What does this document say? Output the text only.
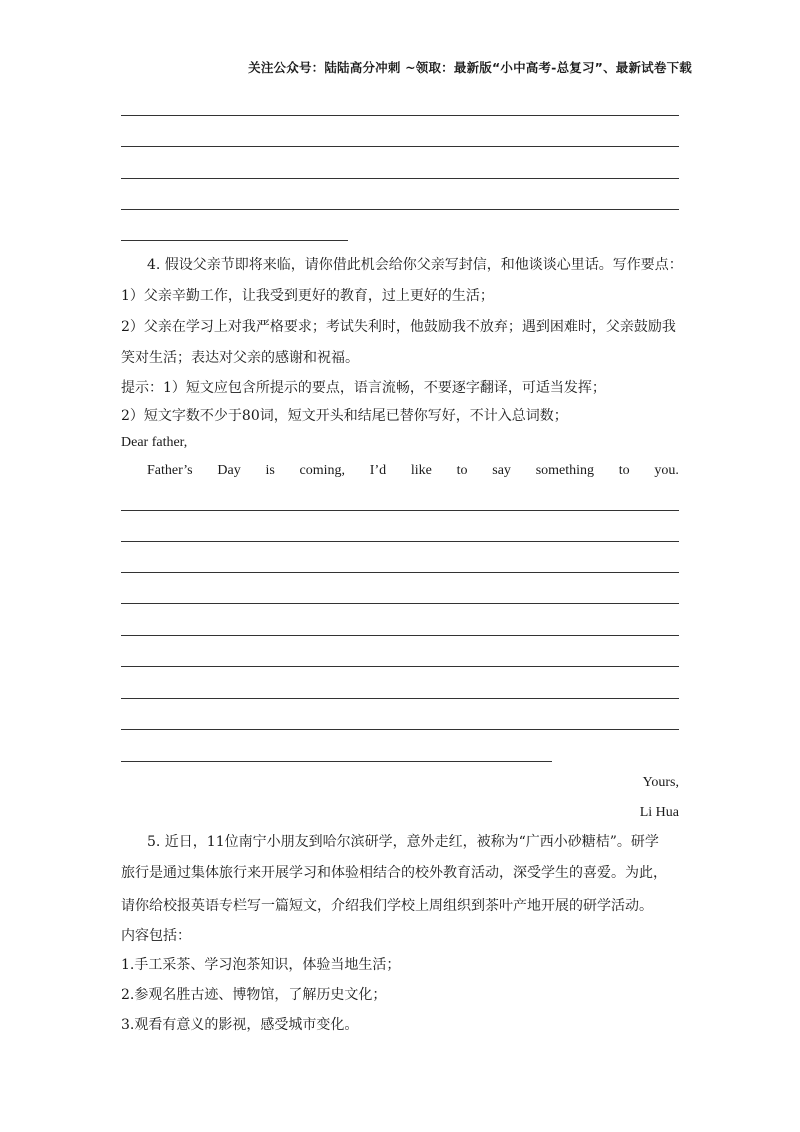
关注公众号：陆陆高分冲刺 ~领取：最新版“小中高考-总复习”、最新试卷下载
4. 假设父亲节即将来临，请你借此机会给你父亲写封信，和他谈谈心里话。写作要点：
1）父亲辛勤工作，让我受到更好的教育，过上更好的生活；
2）父亲在学习上对我严格要求；考试失利时，他鼓励我不放弃；遇到困难时，父亲鼓励我
笑对生活；表达对父亲的感谢和祝福。
提示：1）短文应包含所提示的要点，语言流畅，不要逐字翻译，可适当发挥；
2）短文字数不少于80词，短文开头和结尾已替你写好，不计入总词数；
Dear father,
Father’s Day is coming, I’d like to say something to you.
Yours,
Li Hua
5. 近日，11位南宁小朋友到哈尔滨研学，意外走红，被称为“广西小砂糖桔”。研学
旅行是通过集体旅行来开展学习和体验相结合的校外教育活动，深受学生的喜爱。为此，
请你给校报英语专栏写一篇短文，介绍我们学校上周组织到茶叶产地开展的研学活动。
内容包括：
1.手工采茶、学习泡茶知识，体验当地生活；
2.参观名胜古迹、博物馆，了解历史文化；
3.观看有意义的影视，感受城市变化。
